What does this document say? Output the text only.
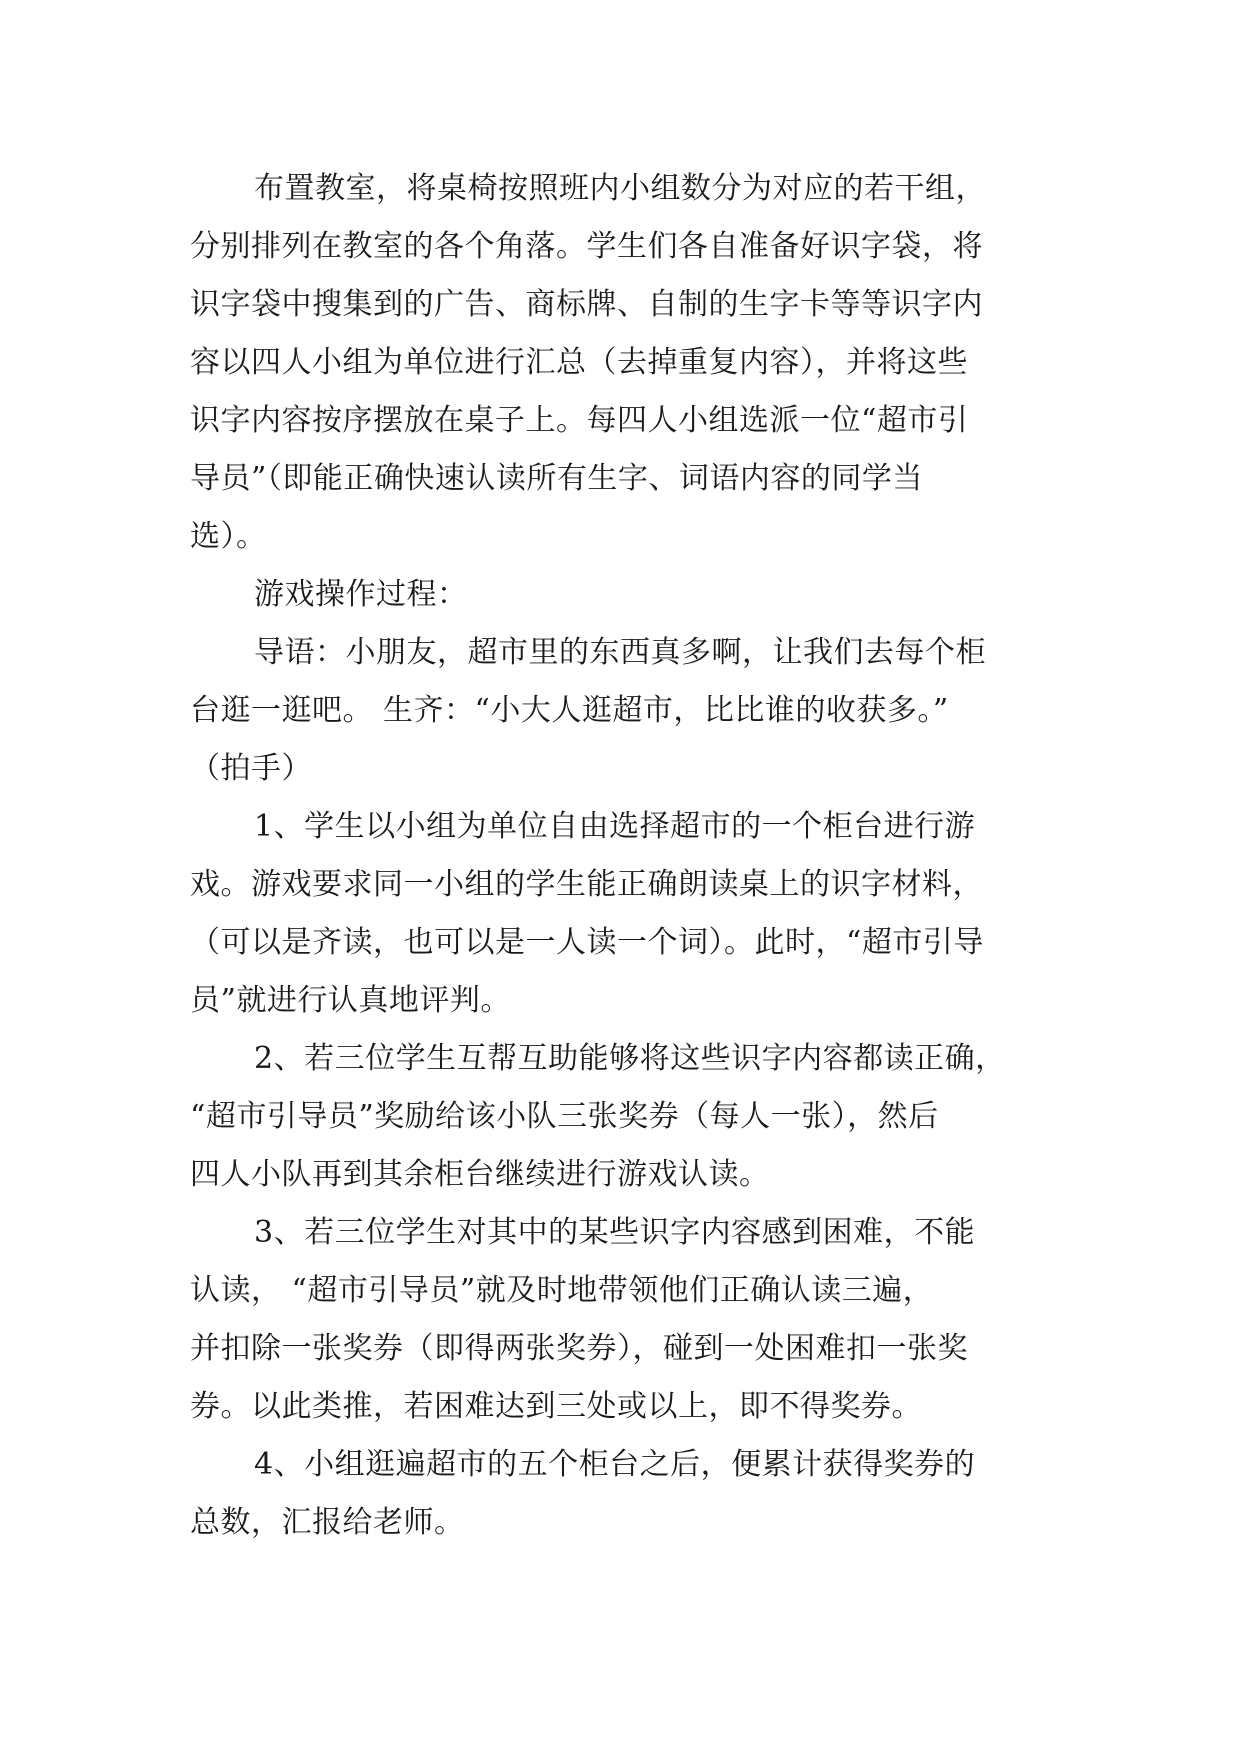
布置教室，将桌椅按照班内小组数分为对应的若干组，
分别排列在教室的各个角落。学生们各自准备好识字袋，将
识字袋中搜集到的广告、商标牌、自制的生字卡等等识字内
容以四人小组为单位进行汇总（去掉重复内容），并将这些
识字内容按序摆放在桌子上。每四人小组选派一位“超市引
导员”（即能正确快速认读所有生字、词语内容的同学当
选）。
游戏操作过程：
导语：小朋友，超市里的东西真多啊，让我们去每个柜
台逛一逛吧。 生齐：“小大人逛超市，比比谁的收获多。”
（拍手）
1、学生以小组为单位自由选择超市的一个柜台进行游
戏。游戏要求同一小组的学生能正确朗读桌上的识字材料，
（可以是齐读，也可以是一人读一个词）。此时，“超市引导
员”就进行认真地评判。
2、若三位学生互帮互助能够将这些识字内容都读正确，
“超市引导员”奖励给该小队三张奖券（每人一张），然后
四人小队再到其余柜台继续进行游戏认读。
3、若三位学生对其中的某些识字内容感到困难，不能
认读， “超市引导员”就及时地带领他们正确认读三遍，
并扣除一张奖券（即得两张奖券），碰到一处困难扣一张奖
券。以此类推，若困难达到三处或以上，即不得奖券。
4、小组逛遍超市的五个柜台之后，便累计获得奖券的
总数，汇报给老师。
